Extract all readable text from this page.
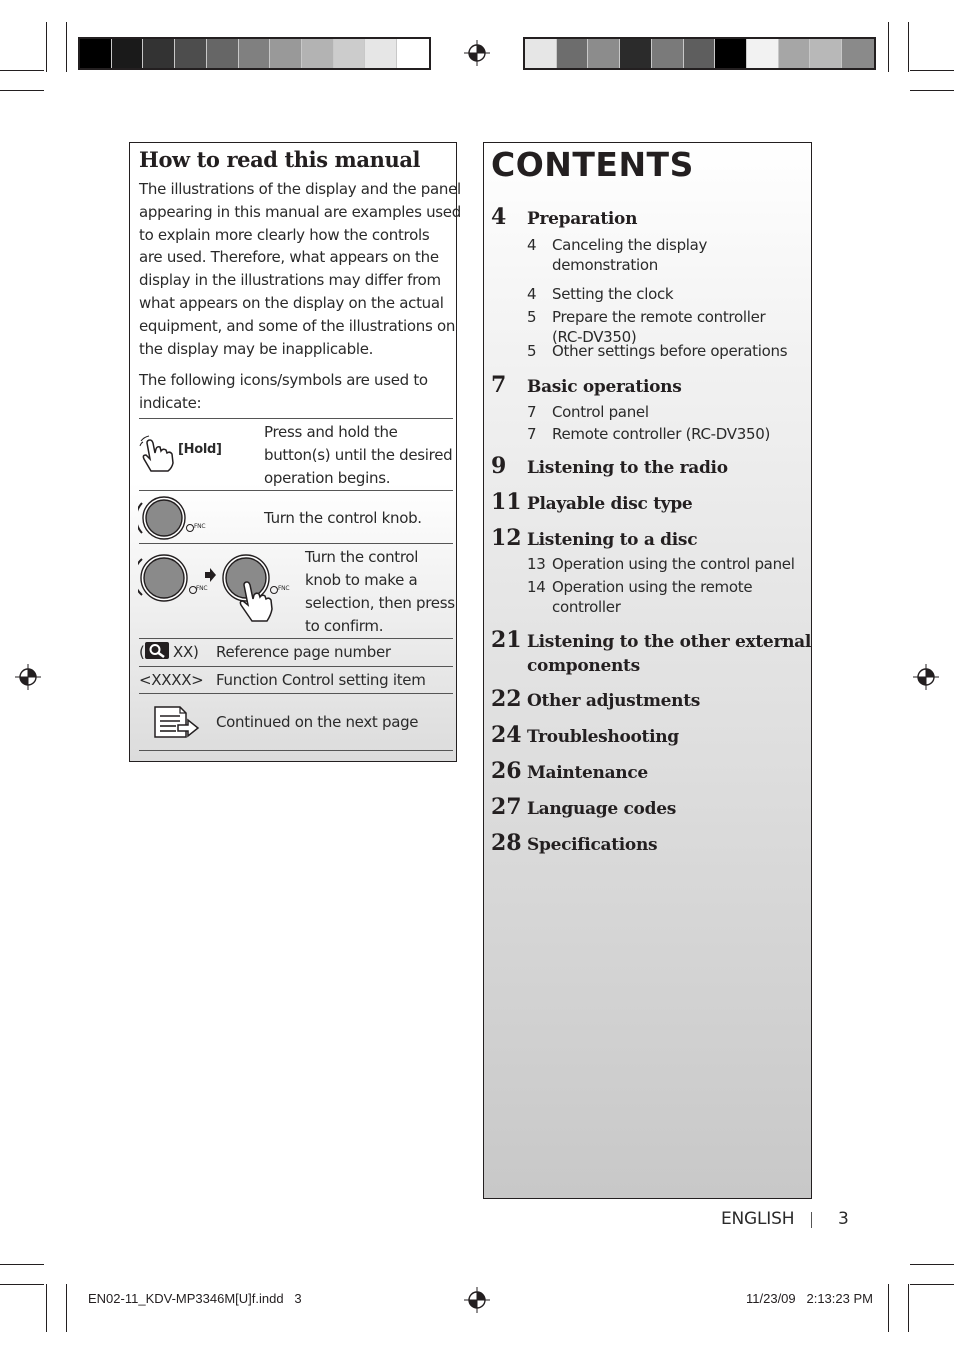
How to read this manual
The illustrations of the display and the panel
appearing in this manual are examples used
to explain more clearly how the controls
are used. Therefore, what appears on the
display in the illustrations may differ from
what appears on the display on the actual
equipment, and some of the illustrations on
the display may be inapplicable.
The following icons/symbols are used to
indicate:
[Hold]
Press and hold the
button(s) until the desired
operation begins.
FNC	Turn the control knob.
FNC	FNC
Turn the control
knob to make a
selection, then press
to confirm.
( XX) Reference page number
<XXXX> Function Control setting item
Continued on the next page
CONTENTS
4 Preparation
4 Canceling the display
demonstration
4 Setting the clock
5 Prepare the remote controller
(RC-DV350)
5 Other settings before operations
7 Basic operations
7 Control panel
7 Remote controller (RC-DV350)
9 Listening to the radio
11 Playable disc type
12 Listening to a disc
13 Operation using the control panel
14 Operation using the remote
controller
21 Listening to the other external
components
22 Other adjustments
24 Troubleshooting
26 Maintenance
27 Language codes
28 Specifications
ENGLISH	3
EN02-11_KDV-MP3346M[U]f.indd   3	11/23/09   2:13:23 PM
